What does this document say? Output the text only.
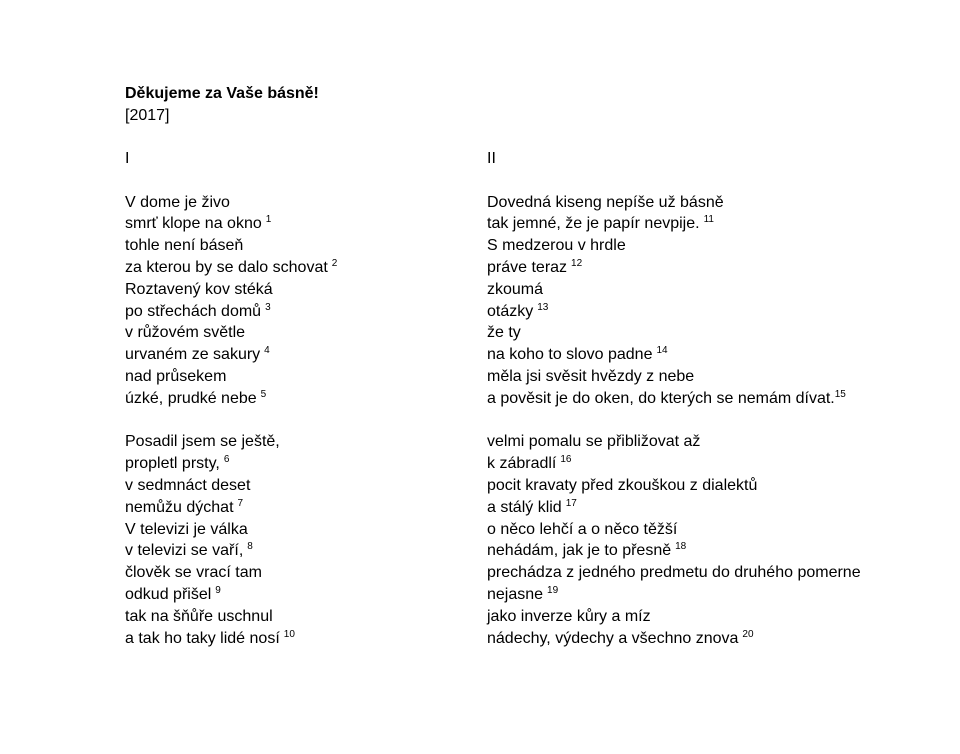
Děkujeme za Vaše básně!
[2017]
I
V dome je živo
smrť klope na okno $^1$
tohle není báseň
za kterou by se dalo schovat $^2$
Roztavený kov stéká
po střechách domů $^3$
v růžovém světle
urvaném ze sakury $^4$
nad průsekem
úzké, prudké nebe $^5$
Posadil jsem se ještě,
propletl prsty, $^6$
v sedmnáct deset
nemůžu dýchat $^7$
V televizi je válka
v televizi se vaří, $^8$
člověk se vrací tam
odkud přišel $^9$
tak na šňůře uschnul
a tak ho taky lidé nosí $^{10}$
II
Dovedná kiseng nepíše už básně
tak jemné, že je papír nevpije. $^{11}$
S medzerou v hrdle
práve teraz $^{12}$
zkoumá
otázky $^{13}$
že ty
na koho to slovo padne $^{14}$
měla jsi svěsit hvězdy z nebe
a pověsit je do oken, do kterých se nemám dívat.$^{15}$
velmi pomalu se přibližovat až
k zábradlí $^{16}$
pocit kravaty před zkouškou z dialektů
a stálý klid $^{17}$
o něco lehčí a o něco těžší
nehádám, jak je to přesně $^{18}$
prechádza z jedného predmetu do druhého pomerne
nejasne $^{19}$
jako inverze kůry a míz
nádechy, výdechy a všechno znova $^{20}$
